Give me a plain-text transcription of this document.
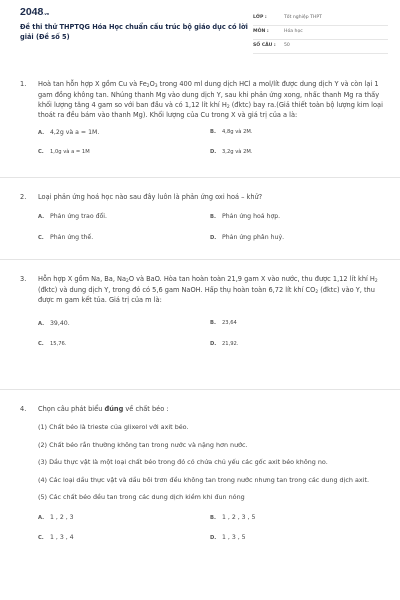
2048.vn
Đề thi thử THPTQG Hóa Học chuẩn cấu trúc bộ giáo dục có lời giải (Đề số 5)
LỚP :	Tốt nghiệp THPT
MÔN :	Hóa học
SỐ CÂU :	50
1. Hoà tan hỗn hợp X gồm Cu và $Fe_2O_3$ trong 400 ml dung dịch HCl a mol/lít được dung dịch Y và còn lại 1 gam đồng không tan. Nhúng thanh Mg vào dung dịch Y, sau khi phản ứng xong, nhấc thanh Mg ra thấy khối lượng tăng 4 gam so với ban đầu và có 1,12 lít khí $H_2$ (đktc) bay ra.(Giả thiết toàn bộ lượng kim loại thoát ra đều bám vào thanh Mg). Khối lượng của Cu trong X và giá trị của a là:
A. 4,2g và a = 1M.	B.	4,8g và 2M.
C.	1,0g và a = 1M	D.	3,2g và 2M.
2. Loại phản ứng hoá học nào sau đây luôn là phản ứng oxi hoá – khử?
A. Phản ứng trao đổi.	B. Phản ứng hoá hợp.
C.	Phản ứng thế.	D. Phản ứng phân huỷ.
3. Hỗn hợp X gồm Na, Ba, $Na_2O$ và BaO. Hòa tan hoàn toàn 21,9 gam X vào nước, thu được 1,12 lít khí $H_2$ (đktc) và dung dịch Y, trong đó có 5,6 gam NaOH. Hấp thụ hoàn toàn 6,72 lít khí $CO_2$ (đktc) vào Y, thu được m gam kết tủa. Giá trị của m là:
A. 39,40.	B.	23,64
C.	15,76.	D.	21,92.
4. Chọn câu phát biểu đúng về chất béo :
(1) Chất béo là trieste của glixerol với axit béo.
(2) Chất béo rắn thường không tan trong nước và nặng hơn nước.
(3) Dầu thực vật là một loại chất béo trong đó có chứa chủ yếu các gốc axit béo không no.
(4) Các loại dầu thực vật và dầu bôi trơn đều không tan trong nước nhưng tan trong các dung dịch axit.
(5) Các chất béo đều tan trong các dung dịch kiềm khi đun nóng
A. 1 , 2 , 3	B. 1 , 2 , 3 , 5
C.	1 , 3 , 4	D. 1 , 3 , 5
